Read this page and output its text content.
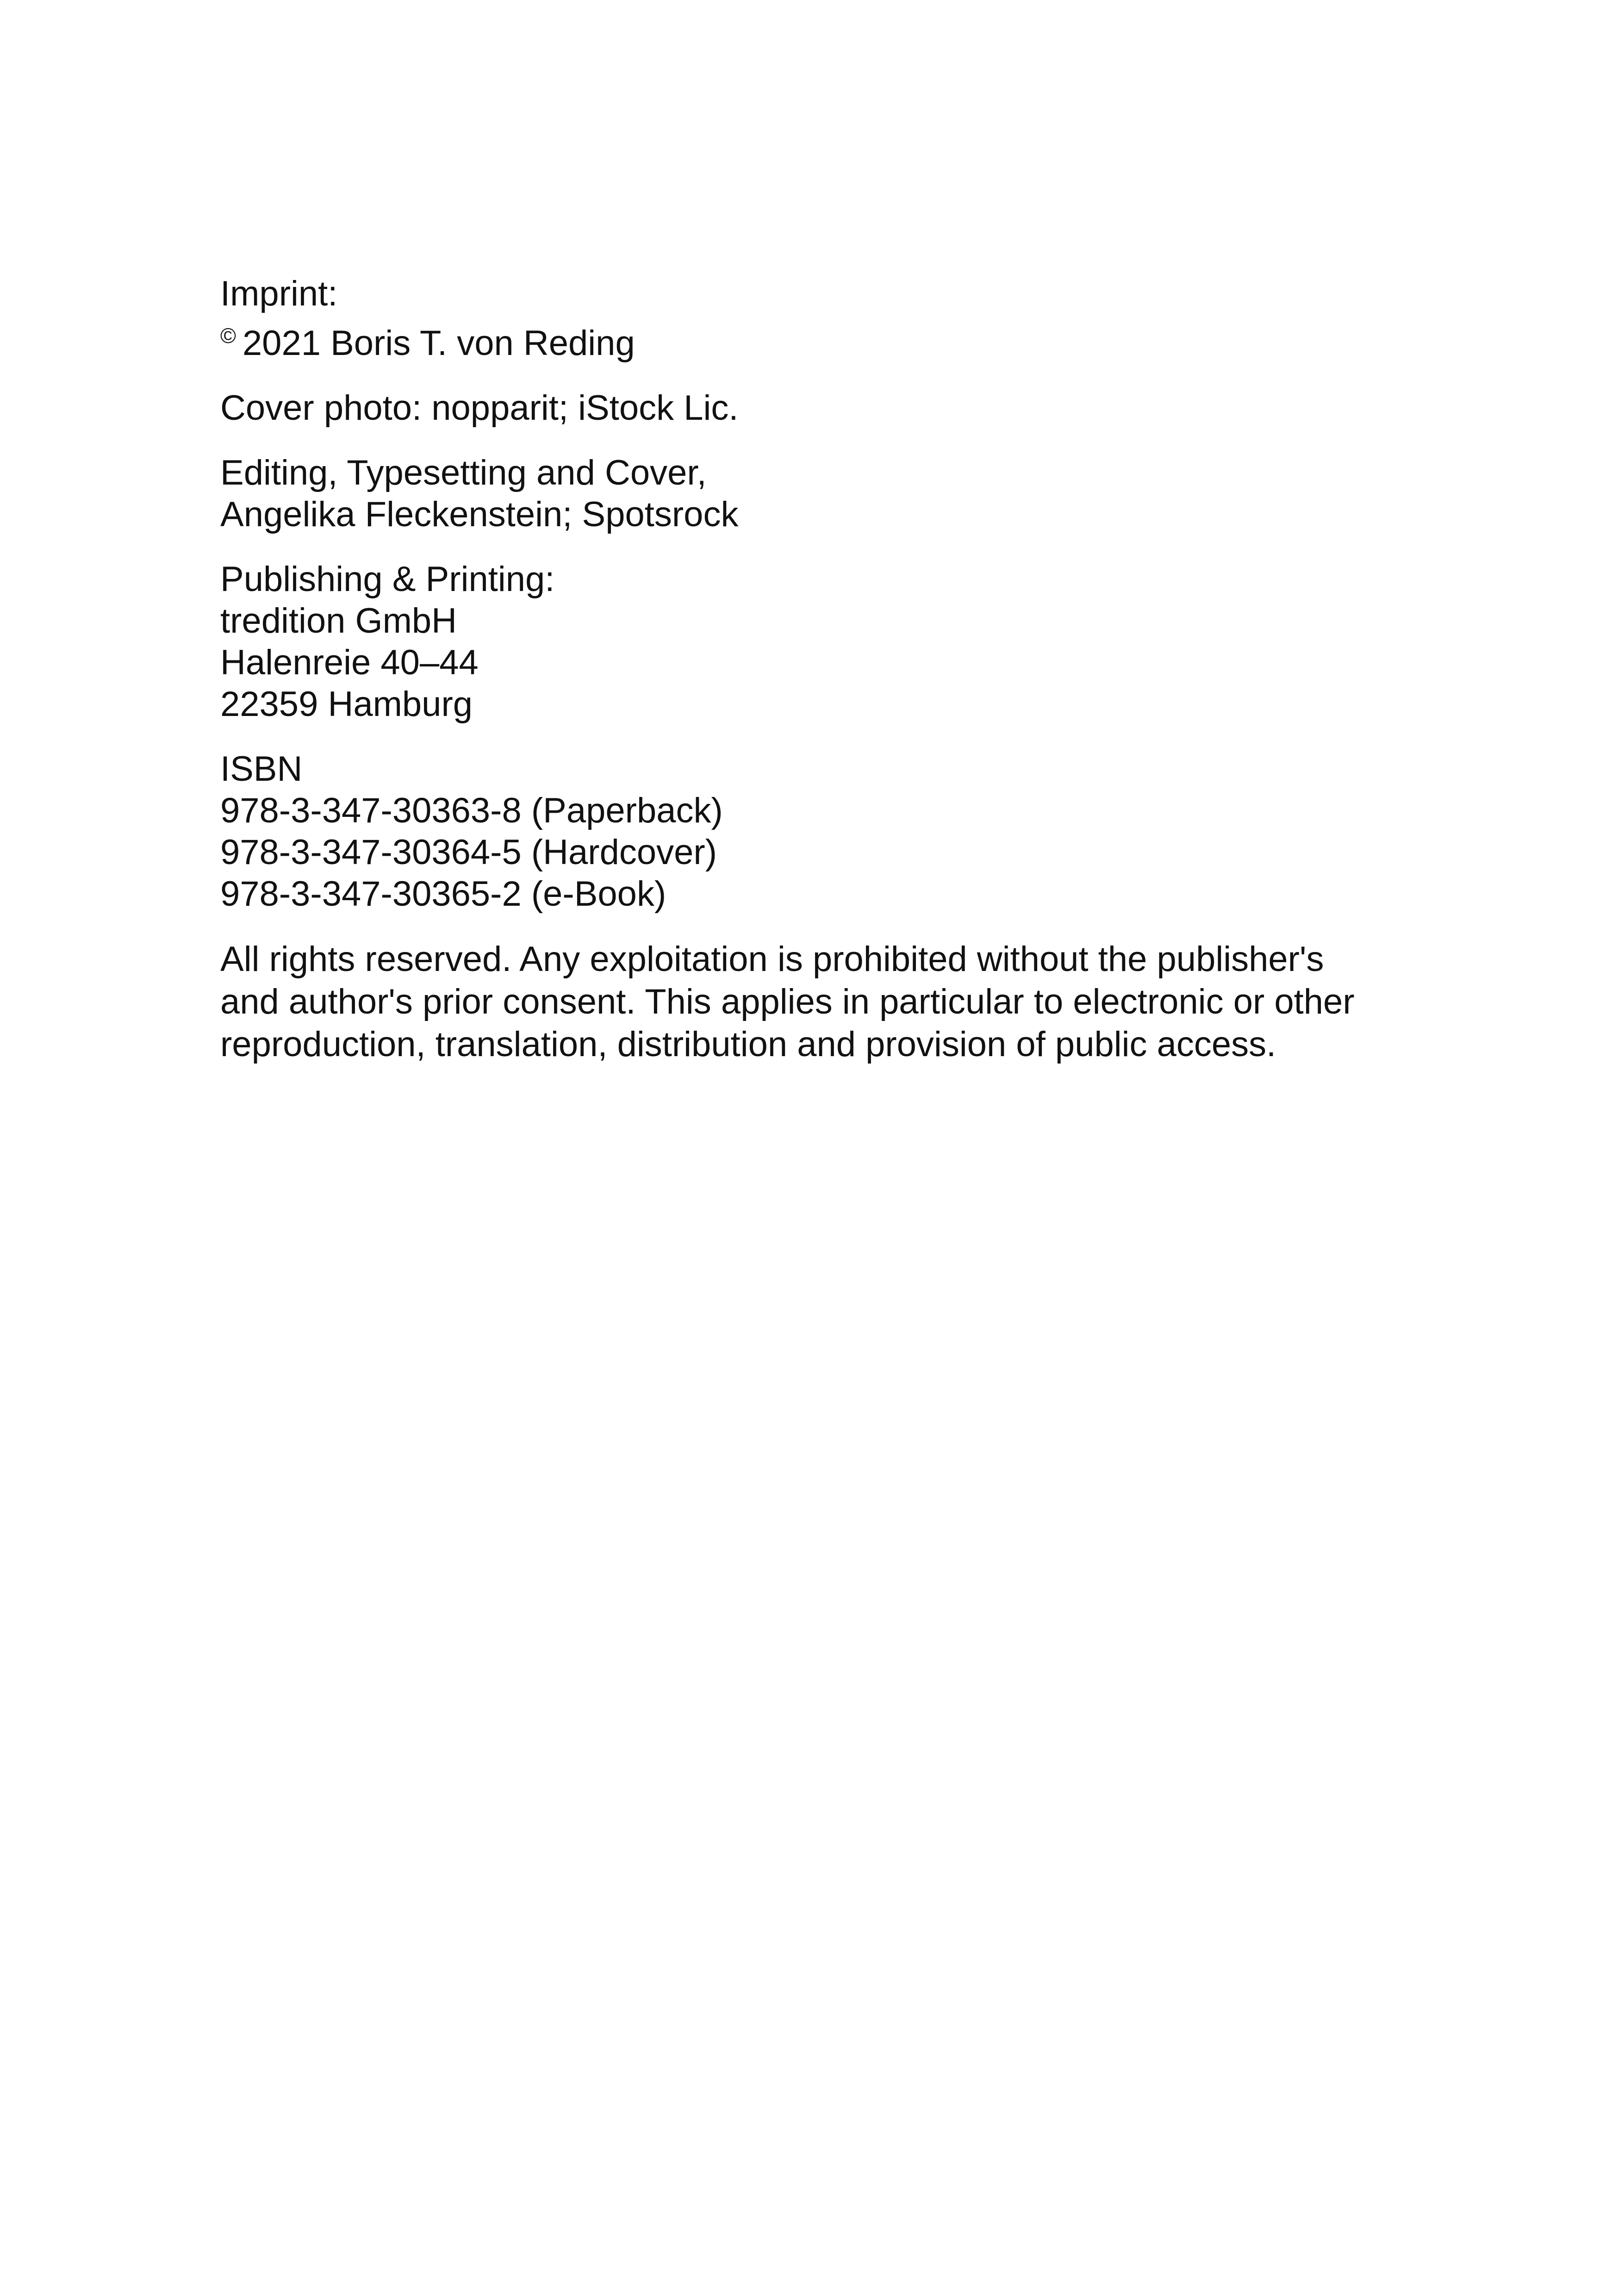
Imprint:
© 2021 Boris T. von Reding
Cover photo: nopparit; iStock Lic.
Editing, Typesetting and Cover,
Angelika Fleckenstein; Spotsrock
Publishing & Printing:
tredition GmbH
Halenreie 40–44
22359 Hamburg
ISBN
978-3-347-30363-8 (Paperback)
978-3-347-30364-5 (Hardcover)
978-3-347-30365-2 (e-Book)
All rights reserved. Any exploitation is prohibited without the publisher's
and author's prior consent. This applies in particular to electronic or other
reproduction, translation, distribution and provision of public access.
